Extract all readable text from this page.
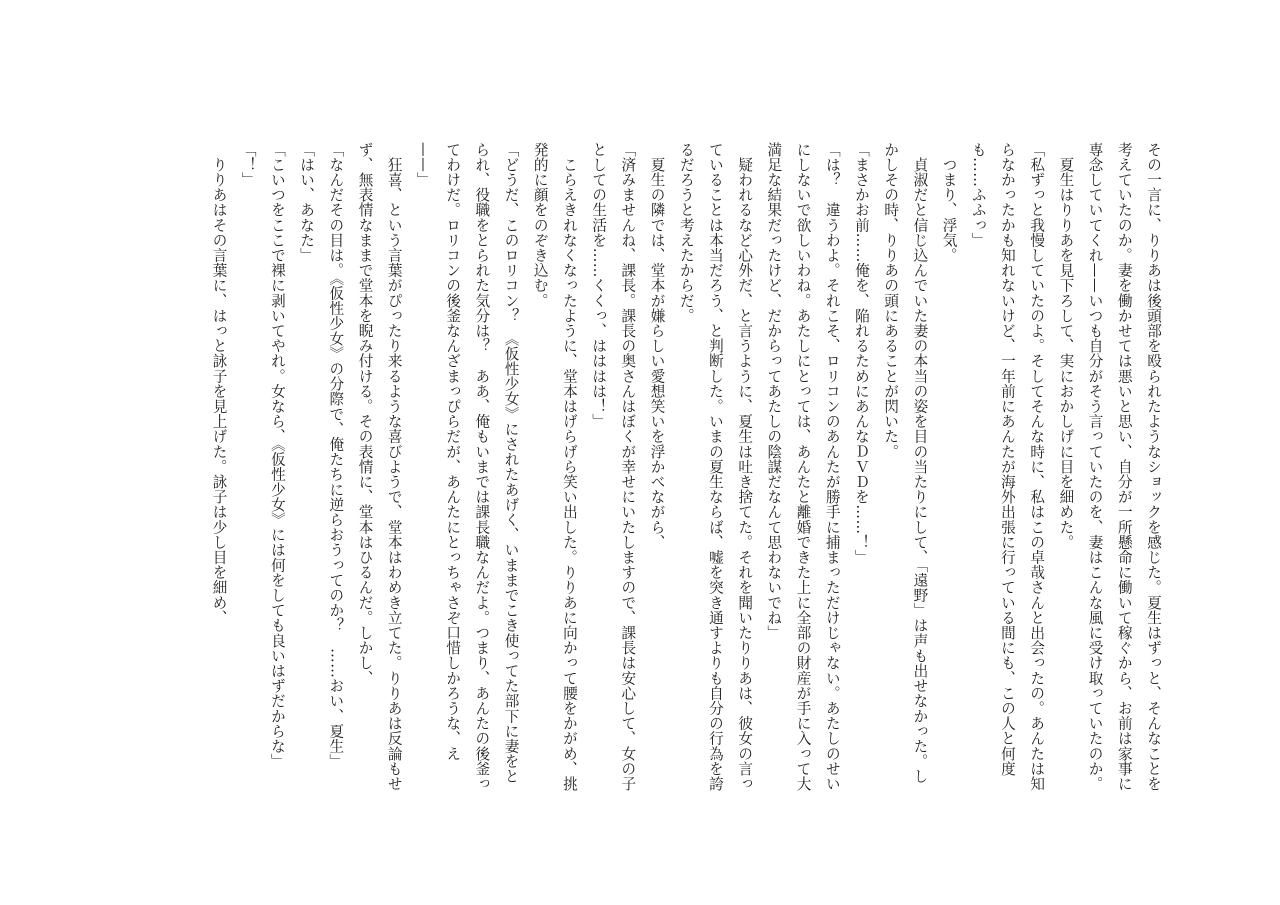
その一言に、りりあは後頭部を殴られたようなショックを感じた。夏生はずっと、そんなことを考えていたのか。妻を働かせては悪いと思い、自分が一所懸命に働いて稼ぐから、お前は家事に専念していてくれ——いつも自分がそう言っていたのを、妻はこんな風に受け取っていたのか。

　夏生はりりあを見下ろして、実におかしげに目を細めた。

「私ずっと我慢していたのよ。そしてそんな時に、私はこの卓哉さんと出会ったの。あんたは知らなかったかも知れないけど、一年前にあんたが海外出張に行っている間にも、この人と何度も……ふふっ」

　つまり、浮気。

　貞淑だと信じ込んでいた妻の本当の姿を目の当たりにして、「遠野」は声も出せなかった。しかしその時、りりあの頭にあることが閃いた。

「まさかお前……俺を、陥れるためにあんなＤＶＤを……！」

「は？　違うわよ。それこそ、ロリコンのあんたが勝手に捕まっただけじゃない。あたしのせいにしないで欲しいわね。あたしにとっては、あんたと離婚できた上に全部の財産が手に入って大満足な結果だったけど、だからってあたしの陰謀だなんて思わないでね」

　疑われるなど心外だ、と言うように、夏生は吐き捨てた。それを聞いたりりあは、彼女の言っていることは本当だろう、と判断した。いまの夏生ならば、嘘を突き通すよりも自分の行為を誇るだろうと考えたからだ。

　夏生の隣では、堂本が嫌らしい愛想笑いを浮かべながら、

「済みませんね、課長。課長の奥さんはぼくが幸せにいたしますので、課長は安心して、女の子としての生活を……くくっ、はははは！」

　こらえきれなくなったように、堂本はげらげら笑い出した。りりあに向かって腰をかがめ、挑発的に顔をのぞき込む。

「どうだ、このロリコン？　《仮性少女》にされたあげく、いままでこき使ってた部下に妻をとられ、役職をとられた気分は？　ああ、俺もいまでは課長職なんだよ。つまり、あんたの後釜ってわけだ。ロリコンの後釜なんざまっぴらだが、あんたにとっちゃさぞ口惜しかろうな、え——」

　狂喜、という言葉がぴったり来るような喜びようで、堂本はわめき立てた。りりあは反論もせず、無表情なままで堂本を睨み付ける。その表情に、堂本はひるんだ。しかし、

「なんだその目は。《仮性少女》の分際で、俺たちに逆らおうってのか？　……おい、夏生」

「はい、あなた」

「こいつをここで裸に剥いてやれ。女なら、《仮性少女》には何をしても良いはずだからな」

「！」

　りりあはその言葉に、はっと詠子を見上げた。詠子は少し目を細め、
